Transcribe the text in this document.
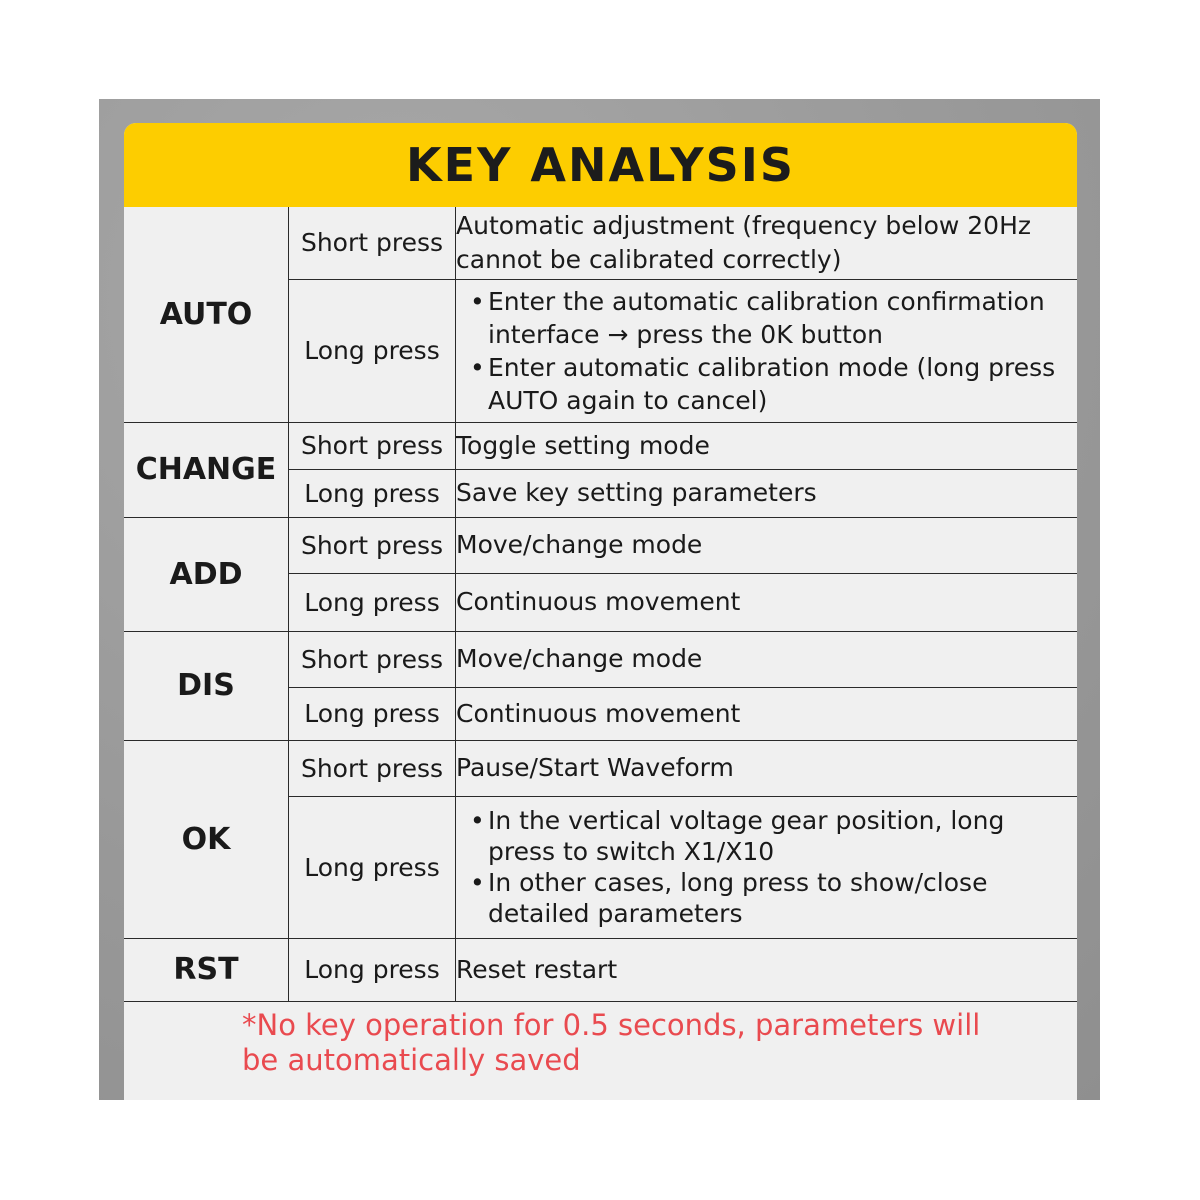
KEY ANALYSIS
AUTO	Short press	Automatic adjustment (frequency below 20Hz cannot be calibrated correctly)
	Long press	• Enter the automatic calibration confirmation interface → press the 0K button
• Enter automatic calibration mode (long press AUTO again to cancel)

CHANGE	Short press	Toggle setting mode
	Long press	Save key setting parameters
ADD	Short press	Move/change mode
	Long press	Continuous movement
DIS	Short press	Move/change mode
	Long press	Continuous movement
OK	Short press	Pause/Start Waveform
	Long press	• In the vertical voltage gear position, long press to switch X1/X10
• In other cases, long press to show/close detailed parameters

RST	Long press	Reset restart
*No key operation for 0.5 seconds, parameters will be automatically saved
